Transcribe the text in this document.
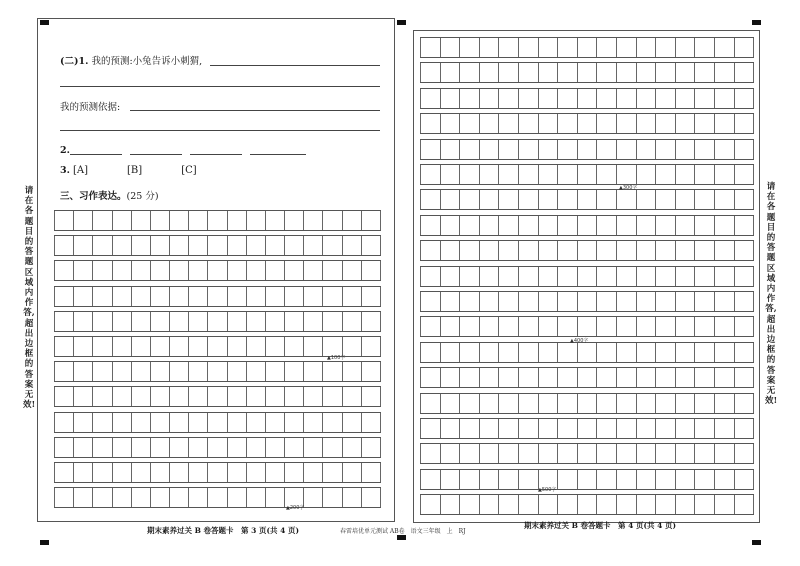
请在各题目的答题区域内作答,超出边框的答案无效!
请在各题目的答题区域内作答,超出边框的答案无效!
(二)1. 我的预测:小兔告诉小刺猬,
我的预测依据:
2.
3. [A]	[B]	[C]
三、习作表达。(25 分)
期末素养过关 B 卷答题卡　第 3 页(共 4 页)	春雷培优单元测试 AB卷　语文三年级　上　RJ
期末素养过关 B 卷答题卡　第 4 页(共 4 页)
▲100字
▲200字
▲300字
▲400字
▲500字
